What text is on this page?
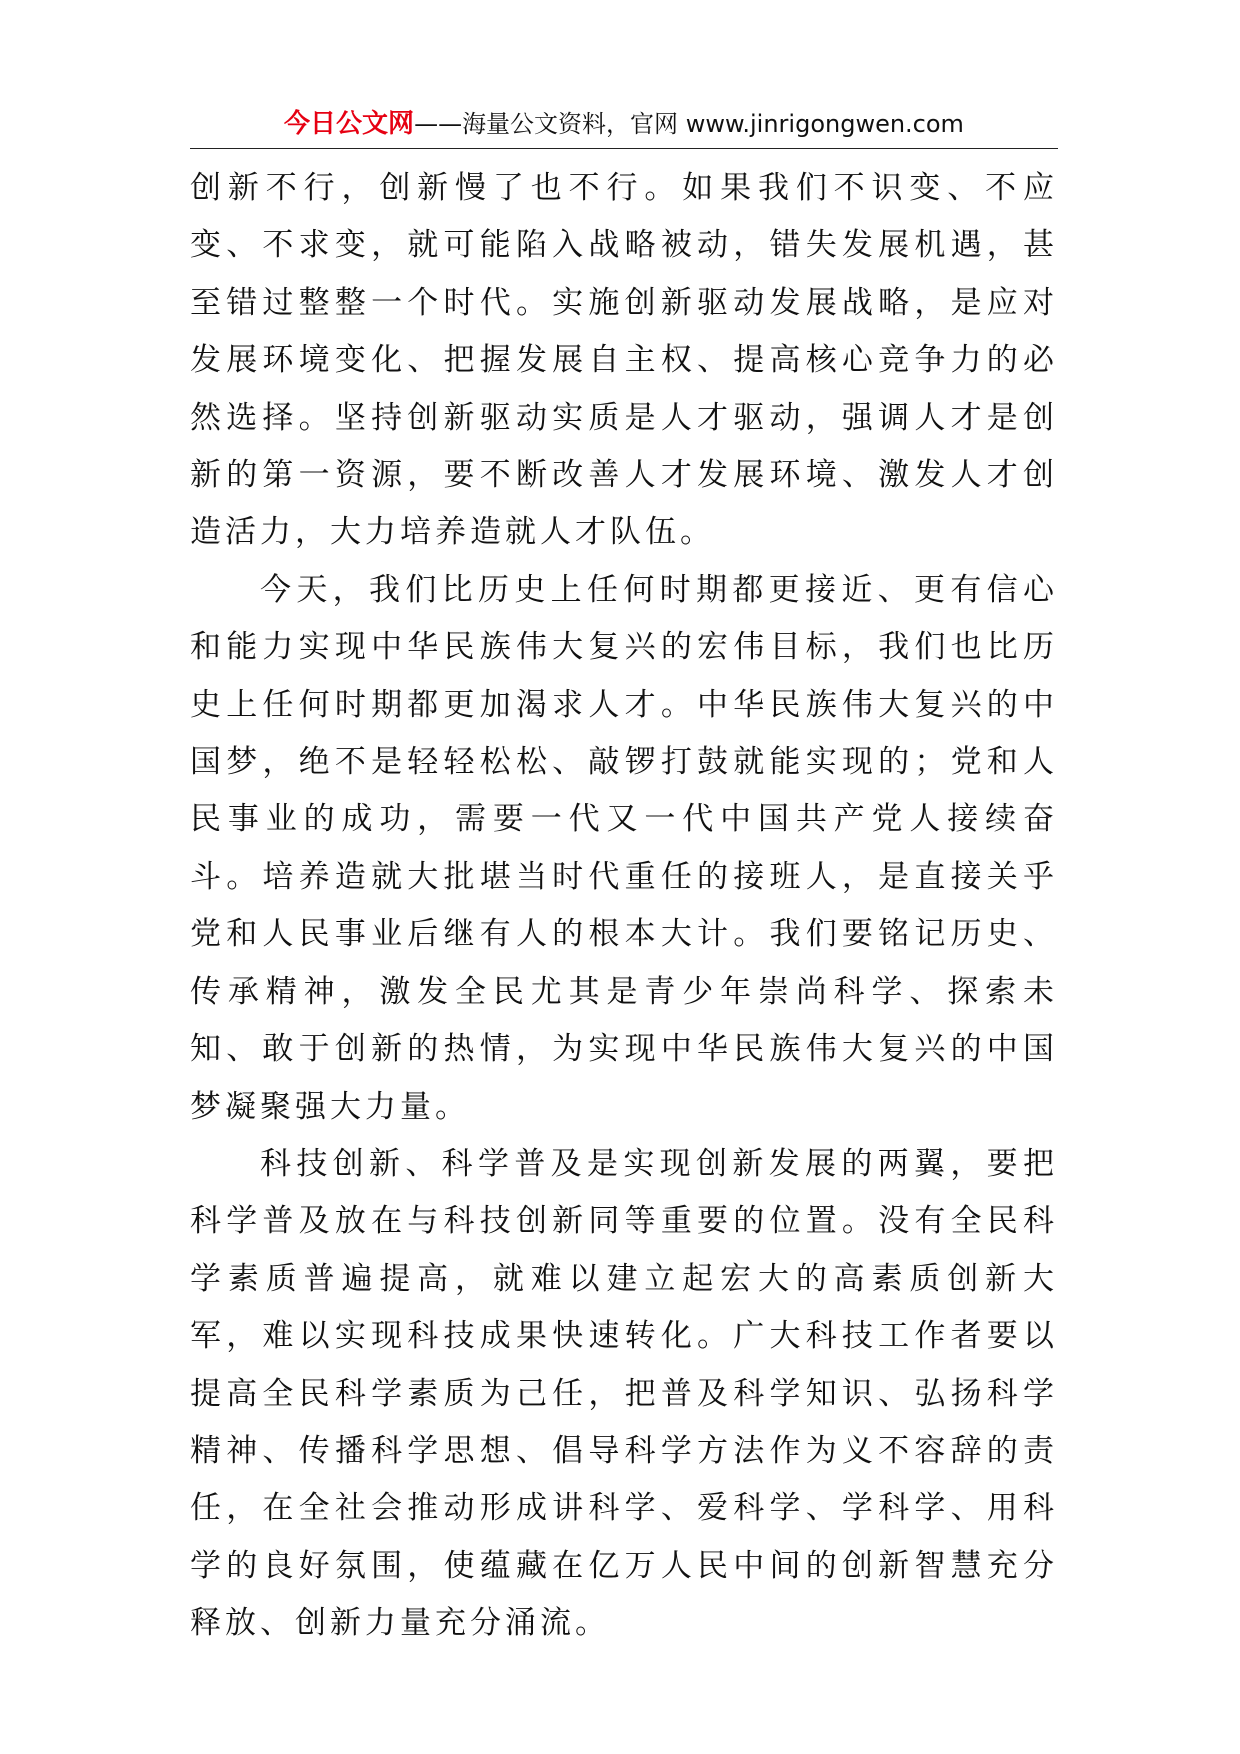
今日公文网——海量公文资料，官网 www.jinrigongwen.com

创新不行，创新慢了也不行。如果我们不识变、不应变、不求变，就可能陷入战略被动，错失发展机遇，甚至错过整整一个时代。实施创新驱动发展战略，是应对发展环境变化、把握发展自主权、提高核心竞争力的必然选择。坚持创新驱动实质是人才驱动，强调人才是创新的第一资源，要不断改善人才发展环境、激发人才创造活力，大力培养造就人才队伍。

今天，我们比历史上任何时期都更接近、更有信心和能力实现中华民族伟大复兴的宏伟目标，我们也比历史上任何时期都更加渴求人才。中华民族伟大复兴的中国梦，绝不是轻轻松松、敲锣打鼓就能实现的；党和人民事业的成功，需要一代又一代中国共产党人接续奋斗。培养造就大批堪当时代重任的接班人，是直接关乎党和人民事业后继有人的根本大计。我们要铭记历史、传承精神，激发全民尤其是青少年崇尚科学、探索未知、敢于创新的热情，为实现中华民族伟大复兴的中国梦凝聚强大力量。

科技创新、科学普及是实现创新发展的两翼，要把科学普及放在与科技创新同等重要的位置。没有全民科学素质普遍提高，就难以建立起宏大的高素质创新大军，难以实现科技成果快速转化。广大科技工作者要以提高全民科学素质为己任，把普及科学知识、弘扬科学精神、传播科学思想、倡导科学方法作为义不容辞的责任，在全社会推动形成讲科学、爱科学、学科学、用科学的良好氛围，使蕴藏在亿万人民中间的创新智慧充分释放、创新力量充分涌流。
